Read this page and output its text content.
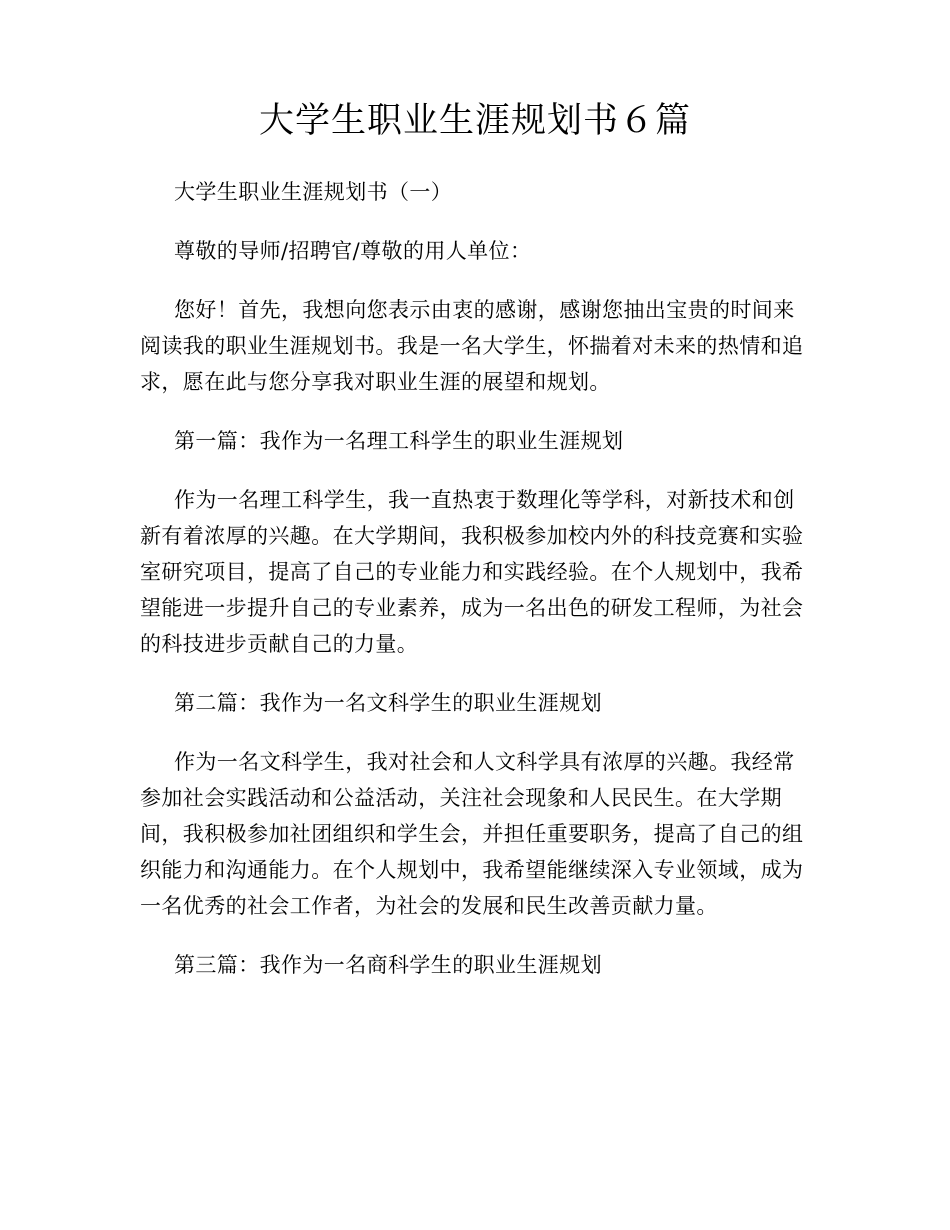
大学生职业生涯规划书６篇

大学生职业生涯规划书（一）

尊敬的导师/招聘官/尊敬的用人单位：

您好！首先，我想向您表示由衷的感谢，感谢您抽出宝贵的时间来阅读我的职业生涯规划书。我是一名大学生，怀揣着对未来的热情和追求，愿在此与您分享我对职业生涯的展望和规划。

第一篇：我作为一名理工科学生的职业生涯规划

作为一名理工科学生，我一直热衷于数理化等学科，对新技术和创新有着浓厚的兴趣。在大学期间，我积极参加校内外的科技竞赛和实验室研究项目，提高了自己的专业能力和实践经验。在个人规划中，我希望能进一步提升自己的专业素养，成为一名出色的研发工程师，为社会的科技进步贡献自己的力量。

第二篇：我作为一名文科学生的职业生涯规划

作为一名文科学生，我对社会和人文科学具有浓厚的兴趣。我经常参加社会实践活动和公益活动，关注社会现象和人民民生。在大学期间，我积极参加社团组织和学生会，并担任重要职务，提高了自己的组织能力和沟通能力。在个人规划中，我希望能继续深入专业领域，成为一名优秀的社会工作者，为社会的发展和民生改善贡献力量。

第三篇：我作为一名商科学生的职业生涯规划
